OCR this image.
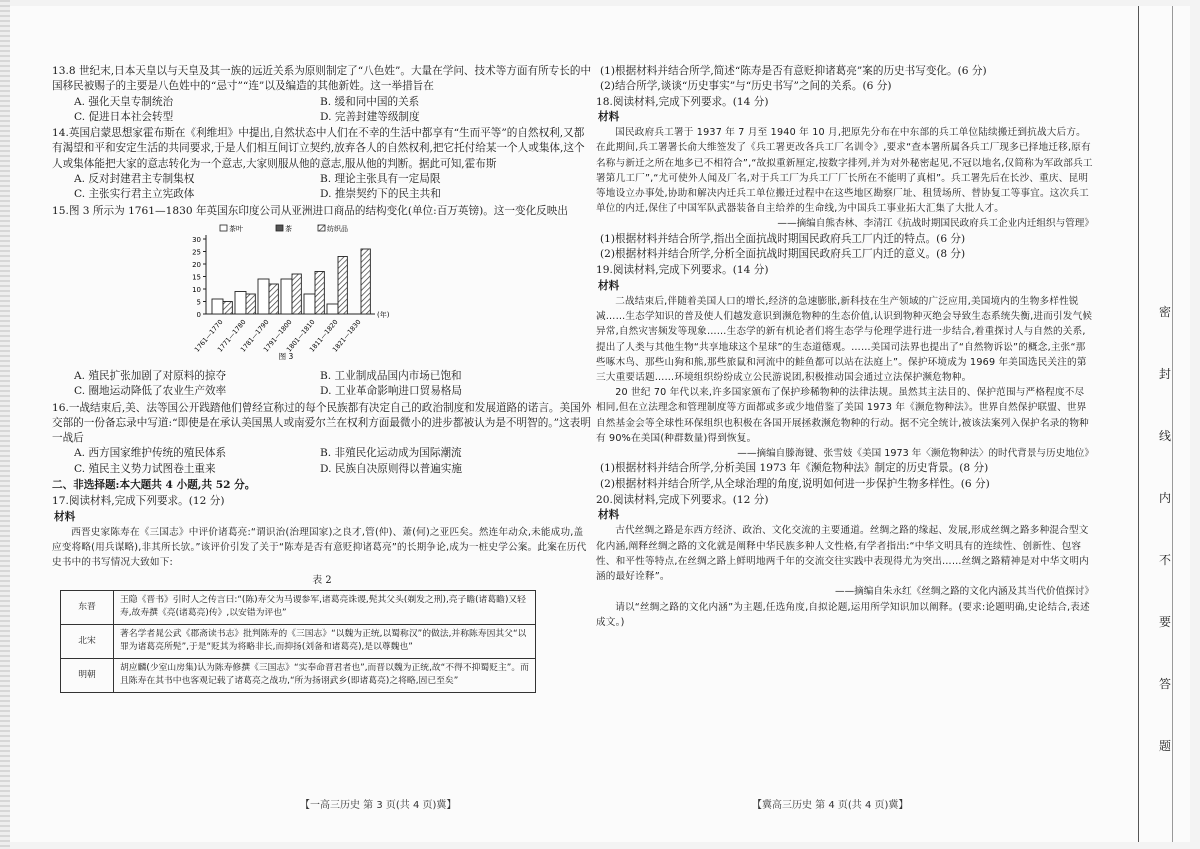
13.8 世纪末,日本天皇以与天皇及其一族的远近关系为原则制定了“八色姓”。大量在学问、技术等方面有所专长的中国移民被赐子的主要是八色姓中的“忌寸”“连”以及编造的其他新姓。这一举措旨在
A. 强化天皇专制统治	B. 缓和同中国的关系
C. 促进日本社会转型	D. 完善封建等级制度
14.英国启蒙思想家霍布斯在《利维坦》中提出,自然状态中人们在不幸的生活中都享有“生而平等”的自然权利,又都有渴望和平和安定生活的共同要求,于是人们相互间订立契约,放弃各人的自然权利,把它托付给某一个人或集体,这个人或集体能把大家的意志转化为一个意志,大家则服从他的意志,服从他的判断。据此可知,霍布斯
A. 反对封建君主专制集权	B. 理论主张具有一定局限
C. 主张实行君主立宪政体	D. 推崇契约下的民主共和
15.图 3 所示为 1761—1830 年英国东印度公司从亚洲进口商品的结构变化(单位:百万英镑)。这一变化反映出
0
5
10
15
20
25
30
1761—1770
1771—1780
1781—1790
1791—1800
1801—1810
1811—1820
1821—1830
(年)
茶叶	茶	纺织品
图 3
A. 殖民扩张加剧了对原料的掠夺	B. 工业制成品国内市场已饱和
C. 圈地运动降低了农业生产效率	D. 工业革命影响进口贸易格局
16.一战结束后,美、法等国公开践踏他们曾经宣称过的每个民族都有决定自己的政治制度和发展道路的诺言。美国外交部的一份备忘录中写道:“即使是在承认美国黑人或南爱尔兰在权利方面最微小的进步都被认为是不明智的。”这表明一战后
A. 西方国家维护传统的殖民体系	B. 非殖民化运动成为国际潮流
C. 殖民主义势力试图卷土重来	D. 民族自决原则得以普遍实施
二、非选择题:本大题共 4 小题,共 52 分。
17.阅读材料,完成下列要求。(12 分)
材料
西晋史家陈寿在《三国志》中评价诸葛亮:“谓识治(治理国家)之良才,管(仲)、萧(何)之亚匹矣。然连年动众,未能成功,盖应变将略(用兵谋略),非其所长欤。”该评价引发了关于“陈寿是否有意贬抑诸葛亮”的长期争论,成为一桩史学公案。此案在历代史书中的书写情况大致如下:
表 2
东晋	王隐《晋书》引时人之传言曰:“(陈)寿父为马谡参军,诸葛亮诛谡,髡其父头(剃发之刑),亮子瞻(诸葛瞻)又轻寿,故寿撰《亮(诸葛亮)传》,以安错为评也”
北宋	著名学者晁公武《郡斋读书志》批判陈寿的《三国志》“以魏为正统,以蜀称汉”的做法,并称陈寿因其父“以罪为诸葛亮所髡”,于是“贬其为将略非长,而抑扬(刘备和诸葛亮),是以尊魏也”
明朝	胡应麟(少室山房集)认为陈寿修撰《三国志》“实奉命晋君者也”,而晋以魏为正统,故“不得不抑蜀贬主”。而且陈寿在其书中也客观记载了诸葛亮之战功,“所为扬诩武乡(即诸葛亮)之将略,固已至矣”
(1)根据材料并结合所学,简述“陈寿是否有意贬抑诸葛亮”案的历史书写变化。(6 分)
(2)结合所学,谈谈“历史事实”与“历史书写”之间的关系。(6 分)
18.阅读材料,完成下列要求。(14 分)
材料
国民政府兵工署于 1937 年 7 月至 1940 年 10 月,把原先分布在中东部的兵工单位陆续搬迁到抗战大后方。在此期间,兵工署署长俞大维签发了《兵工署更改各兵工厂名训令》,要求“查本署所属各兵工厂现多已择地迁移,原有名称与新迁之所在地多已不相符合”,“故拟重新厘定,按数字排列,并为对外秘密起见,不冠以地名,仅简称为军政部兵工署第几工厂”,“尤可使外人闻及厂名,对于兵工厂为兵工厂厂长所在不能明了真相”。兵工署先后在长沙、重庆、昆明等地设立办事处,协助和解决内迁兵工单位搬迁过程中在这些地区勘察厂址、租赁场所、替协复工等事宜。这次兵工单位的内迁,保住了中国军队武器装备自主给养的生命线,为中国兵工事业拓大汇集了大批人才。
——摘编自熊杏林、李清江《抗战时期国民政府兵工企业内迁组织与管理》
(1)根据材料并结合所学,指出全面抗战时期国民政府兵工厂内迁的特点。(6 分)
(2)根据材料并结合所学,分析全面抗战时期国民政府兵工厂内迁的意义。(8 分)
19.阅读材料,完成下列要求。(14 分)
材料
二战结束后,伴随着美国人口的增长,经济的急速膨胀,新科技在生产领域的广泛应用,美国境内的生物多样性锐减……生态学知识的普及使人们越发意识到濒危物种的生态价值,认识到物种灭绝会导致生态系统失衡,进而引发气候异常,自然灾害频发等现象……生态学的新有机论者们将生态学与伦理学进行进一步结合,着重探讨人与自然的关系,提出了人类与其他生物“共享地球这个星球”的生态道德观。……美国司法界也提出了“自然物诉讼”的概念,主张“那些啄木鸟、那些山狗和熊,那些旅鼠和河流中的鲑鱼都可以站在法庭上”。保护环境成为 1969 年美国选民关注的第三大重要话题……环境组织纷纷成立公民游说团,积极推动国会通过立法保护濒危物种。
20 世纪 70 年代以来,许多国家颁布了保护珍稀物种的法律法规。虽然其主法目的、保护范围与严格程度不尽相同,但在立法理念和管理制度等方面都或多或少地借鉴了美国 1973 年《濒危物种法》。世界自然保护联盟、世界自然基金会等全球性环保组织也积极在各国开展拯救濒危物种的行动。据不完全统计,被该法案列入保护名录的物种有 90%在美国(种群数量)得到恢复。
——摘编自滕海键、张雪妓《美国 1973 年〈濒危物种法〉的时代背景与历史地位》
(1)根据材料并结合所学,分析美国 1973 年《濒危物种法》制定的历史背景。(8 分)
(2)根据材料并结合所学,从全球治理的角度,说明如何进一步保护生物多样性。(6 分)
20.阅读材料,完成下列要求。(12 分)
材料
古代丝绸之路是东西方经济、政治、文化交流的主要通道。丝绸之路的缘起、发展,形成丝绸之路多种混合型文化内涵,阐释丝绸之路的文化就是阐释中华民族多种人文性格,有学者指出:“中华文明具有的连续性、创新性、包容性、和平性等特点,在丝绸之路上鲜明地两千年的交流交往实践中表现得尤为突出……丝绸之路精神是对中华文明内涵的最好诠释”。
——摘编自朱永红《丝绸之路的文化内涵及其当代价值探讨》
请以“丝绸之路的文化内涵”为主题,任选角度,自拟论题,运用所学知识加以阐释。(要求:论题明确,史论结合,表述成文。)
【一高三历史 第 3 页(共 4 页)冀】	【冀高三历史 第 4 页(共 4 页)冀】
密
封
线
内
不
要
答
题
